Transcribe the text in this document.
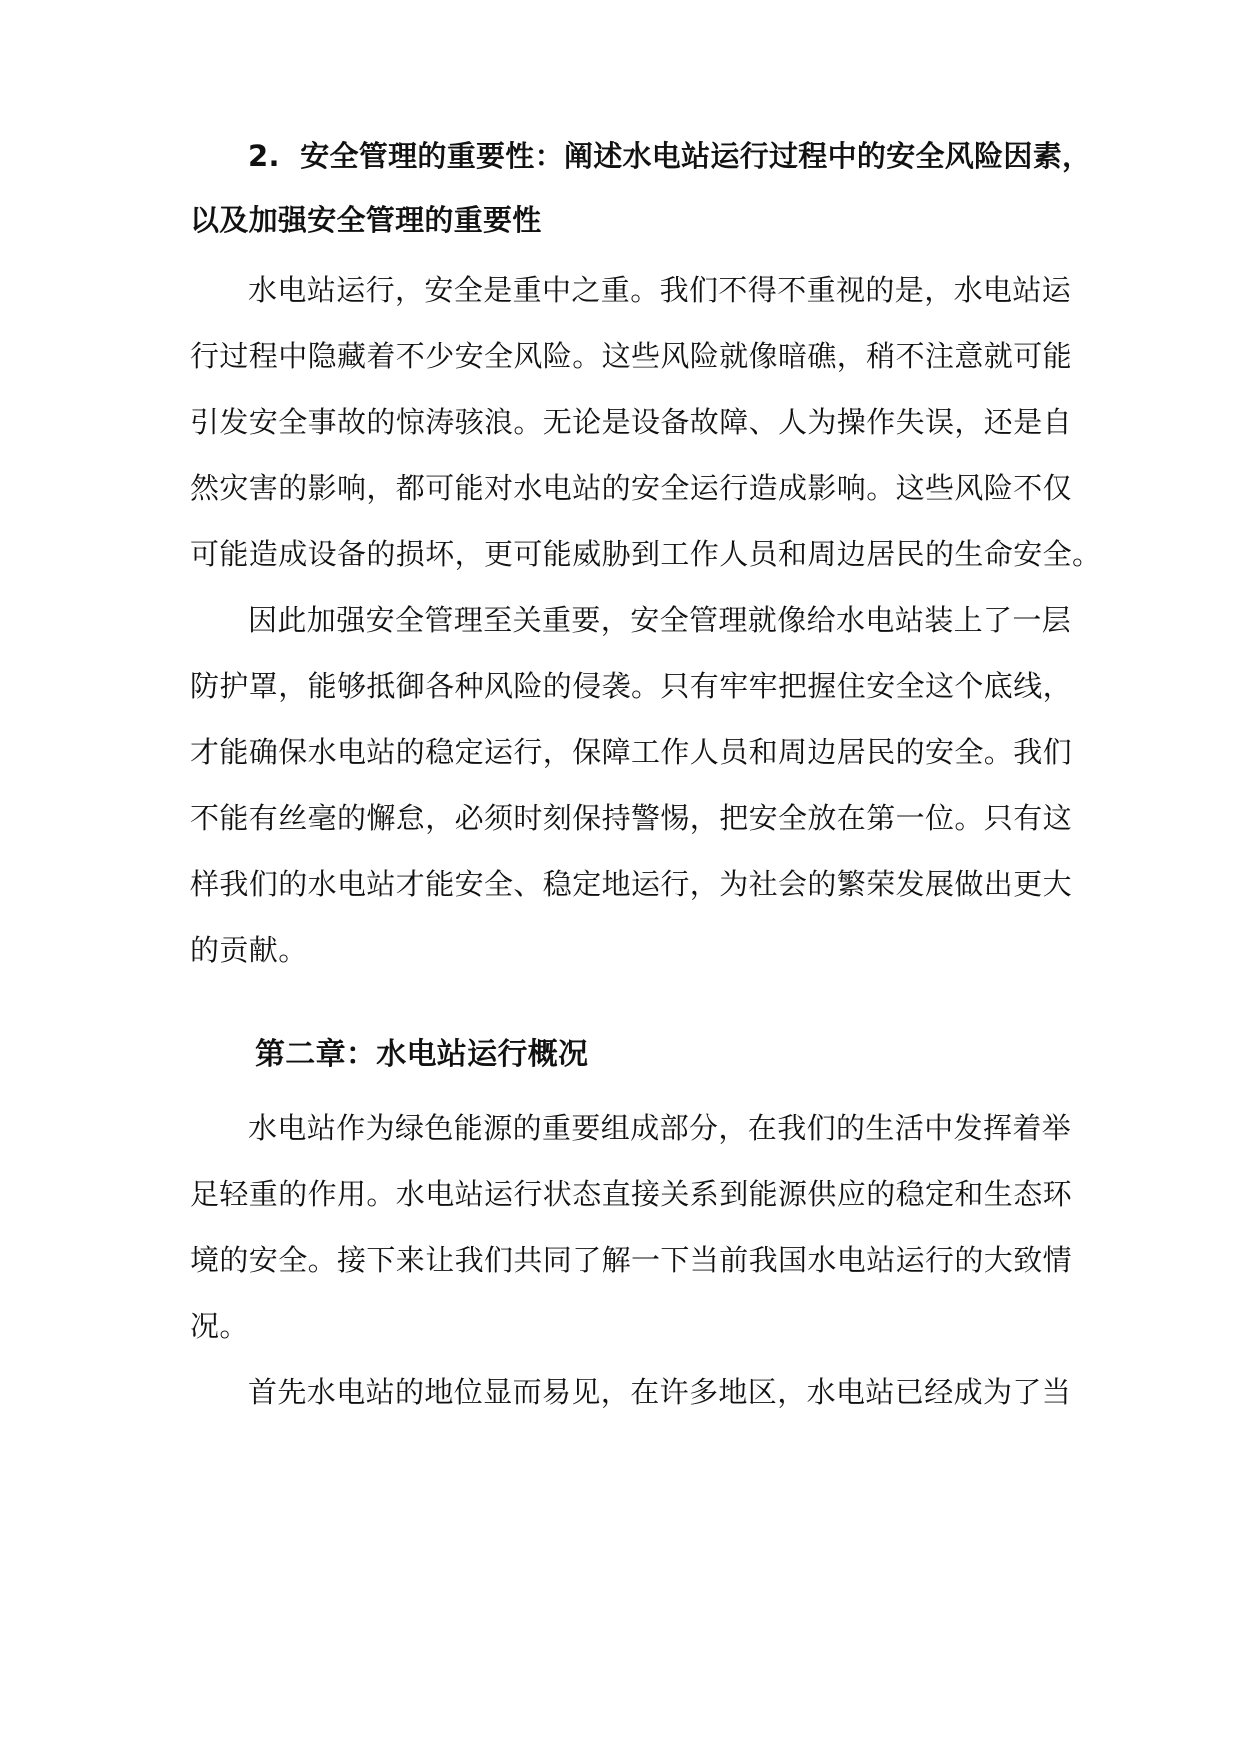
2. 安全管理的重要性：阐述水电站运行过程中的安全风险因素，
以及加强安全管理的重要性
水电站运行，安全是重中之重。我们不得不重视的是，水电站运
行过程中隐藏着不少安全风险。这些风险就像暗礁，稍不注意就可能
引发安全事故的惊涛骇浪。无论是设备故障、人为操作失误，还是自
然灾害的影响，都可能对水电站的安全运行造成影响。这些风险不仅
可能造成设备的损坏，更可能威胁到工作人员和周边居民的生命安全。
因此加强安全管理至关重要，安全管理就像给水电站装上了一层
防护罩，能够抵御各种风险的侵袭。只有牢牢把握住安全这个底线，
才能确保水电站的稳定运行，保障工作人员和周边居民的安全。我们
不能有丝毫的懈怠，必须时刻保持警惕，把安全放在第一位。只有这
样我们的水电站才能安全、稳定地运行，为社会的繁荣发展做出更大
的贡献。
第二章：水电站运行概况
水电站作为绿色能源的重要组成部分，在我们的生活中发挥着举
足轻重的作用。水电站运行状态直接关系到能源供应的稳定和生态环
境的安全。接下来让我们共同了解一下当前我国水电站运行的大致情
况。
首先水电站的地位显而易见，在许多地区，水电站已经成为了当
